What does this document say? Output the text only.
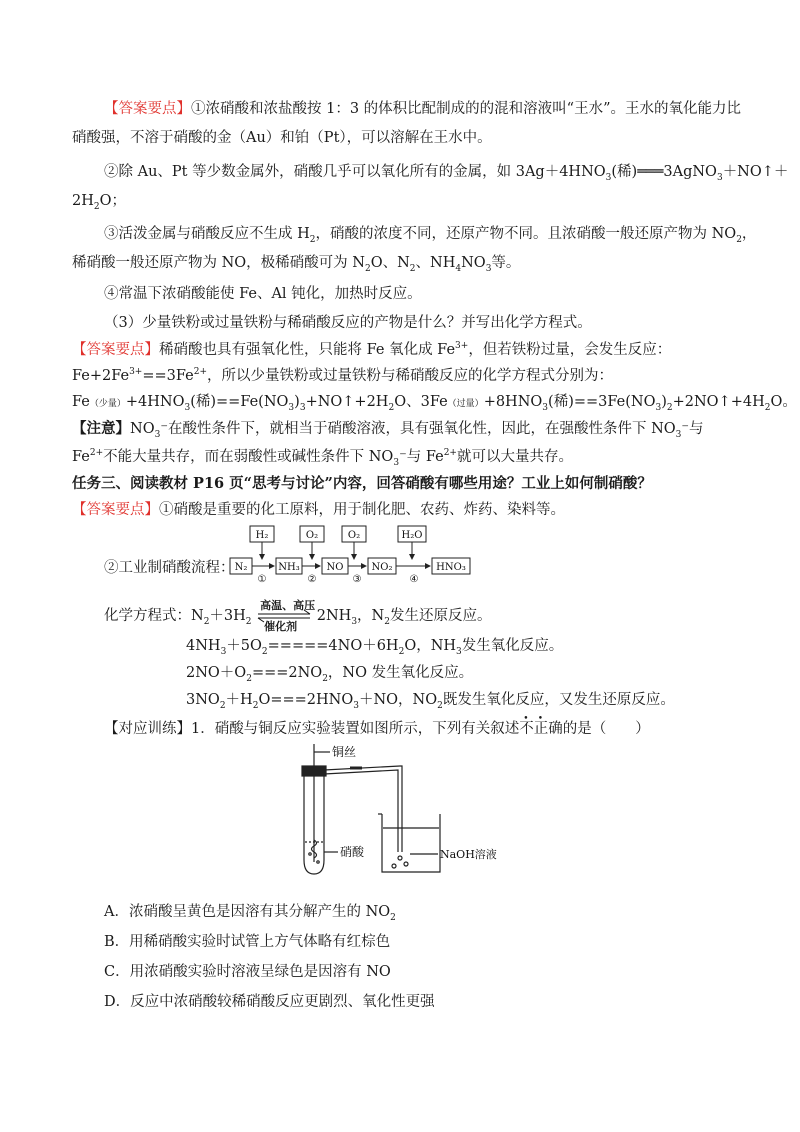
【答案要点】①浓硝酸和浓盐酸按 1：3 的体积比配制成的的混和溶液叫“王水”。王水的氧化能力比
硝酸强，不溶于硝酸的金（Au）和铂（Pt），可以溶解在王水中。
②除 Au、Pt 等少数金属外，硝酸几乎可以氧化所有的金属，如 $3Ag+4HNO_3$(稀)═══3AgNO$_3$＋NO↑＋
$2H_2O$；
③活泼金属与硝酸反应不生成 $H_2$，硝酸的浓度不同，还原产物不同。且浓硝酸一般还原产物为 $NO_2$，
稀硝酸一般还原产物为 NO，极稀硝酸可为 $N_2O$、$N_2$、$NH_4NO_3$等。
④常温下浓硝酸能使 Fe、Al 钝化，加热时反应。
（3）少量铁粉或过量铁粉与稀硝酸反应的产物是什么？并写出化学方程式。
【答案要点】稀硝酸也具有强氧化性，只能将 Fe 氧化成 $Fe^{3+}$，但若铁粉过量，会发生反应：
$Fe+2Fe^{3+}==3Fe^{2+}$，所以少量铁粉或过量铁粉与稀硝酸反应的化学方程式分别为：
Fe（少量）$+4HNO_3$(稀)$==Fe(NO_3)_3+NO↑+2H_2O$、3Fe（过量）$+8HNO_3$(稀)$==3Fe(NO_3)_2+2NO↑+4H_2O$。
【注意】$NO_3^-$在酸性条件下，就相当于硝酸溶液，具有强氧化性，因此，在强酸性条件下 $NO_3^-$与
$Fe^{2+}$不能大量共存，而在弱酸性或碱性条件下 $NO_3^-$与 $Fe^{2+}$就可以大量共存。
任务三、阅读教材 P16 页“思考与讨论”内容，回答硝酸有哪些用途？工业上如何制硝酸？
【答案要点】①硝酸是重要的化工原料，用于制化肥、农药、炸药、染料等。
②工业制硝酸流程：
H₂	O₂	O₂	H₂O
N₂	NH₃	NO	NO₂	HNO₃
①	②	③	④
化学方程式：$N_2+3H_2$
高温、高压
催化剂
$2NH_3$，$N_2$发生还原反应。
$4NH_3+5O_2=====4NO+6H_2O$，$NH_3$发生氧化反应。
$2NO+O_2===2NO_2$，NO 发生氧化反应。
$3NO_2+H_2O===2HNO_3+NO$，$NO_2$既发生氧化反应，又发生还原反应。
【对应训练】1．硝酸与铜反应实验装置如图所示，下列有关叙述不正确的是（　　）
铜丝
硝酸	NaOH溶液
A．浓硝酸呈黄色是因溶有其分解产生的 $NO_2$
B．用稀硝酸实验时试管上方气体略有红棕色
C．用浓硝酸实验时溶液呈绿色是因溶有 NO
D．反应中浓硝酸较稀硝酸反应更剧烈、氧化性更强
